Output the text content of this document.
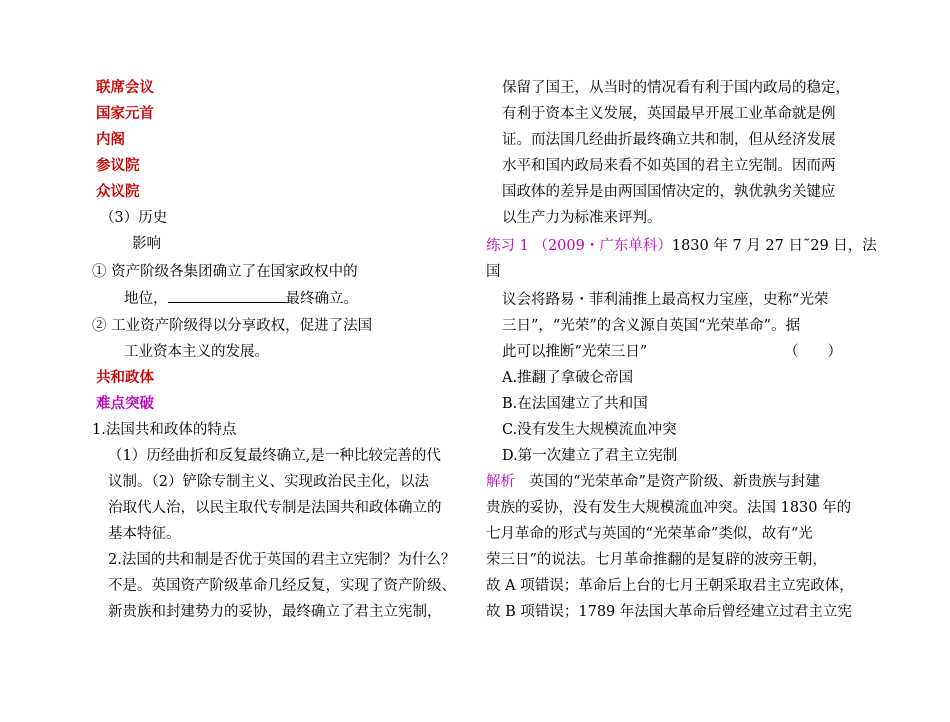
联席会议
国家元首
内阁
参议院
众议院
（3）历史
影响
① 资产阶级各集团确立了在国家政权中的
地位，	最终确立。
② 工业资产阶级得以分享政权，促进了法国
工业资本主义的发展。
共和政体
难点突破
1.法国共和政体的特点
（1）历经曲折和反复最终确立,是一种比较完善的代
议制。（2）铲除专制主义、实现政治民主化，以法
治取代人治，以民主取代专制是法国共和政体确立的
基本特征。
2.法国的共和制是否优于英国的君主立宪制？为什么？
不是。英国资产阶级革命几经反复，实现了资产阶级、
新贵族和封建势力的妥协，最终确立了君主立宪制，
保留了国王，从当时的情况看有利于国内政局的稳定，
有利于资本主义发展，英国最早开展工业革命就是例
证。而法国几经曲折最终确立共和制，但从经济发展
水平和国内政局来看不如英国的君主立宪制。因而两
国政体的差异是由两国国情决定的，孰优孰劣关键应
以生产力为标准来评判。
练习 1 （2009・广东单科）1830 年 7 月 27 日˜29 日，法
国
议会将路易・菲利浦推上最高权力宝座，史称“光荣
三日”，“光荣”的含义源自英国“光荣革命”。据
此可以推断“光荣三日”	（　　）
A.推翻了拿破仑帝国
B.在法国建立了共和国
C.没有发生大规模流血冲突
D.第一次建立了君主立宪制
解析 英国的“光荣革命”是资产阶级、新贵族与封建
贵族的妥协，没有发生大规模流血冲突。法国 1830 年的
七月革命的形式与英国的“光荣革命”类似，故有“光
荣三日”的说法。七月革命推翻的是复辟的波旁王朝，
故 A 项错误；革命后上台的七月王朝采取君主立宪政体，
故 B 项错误；1789 年法国大革命后曾经建立过君主立宪
